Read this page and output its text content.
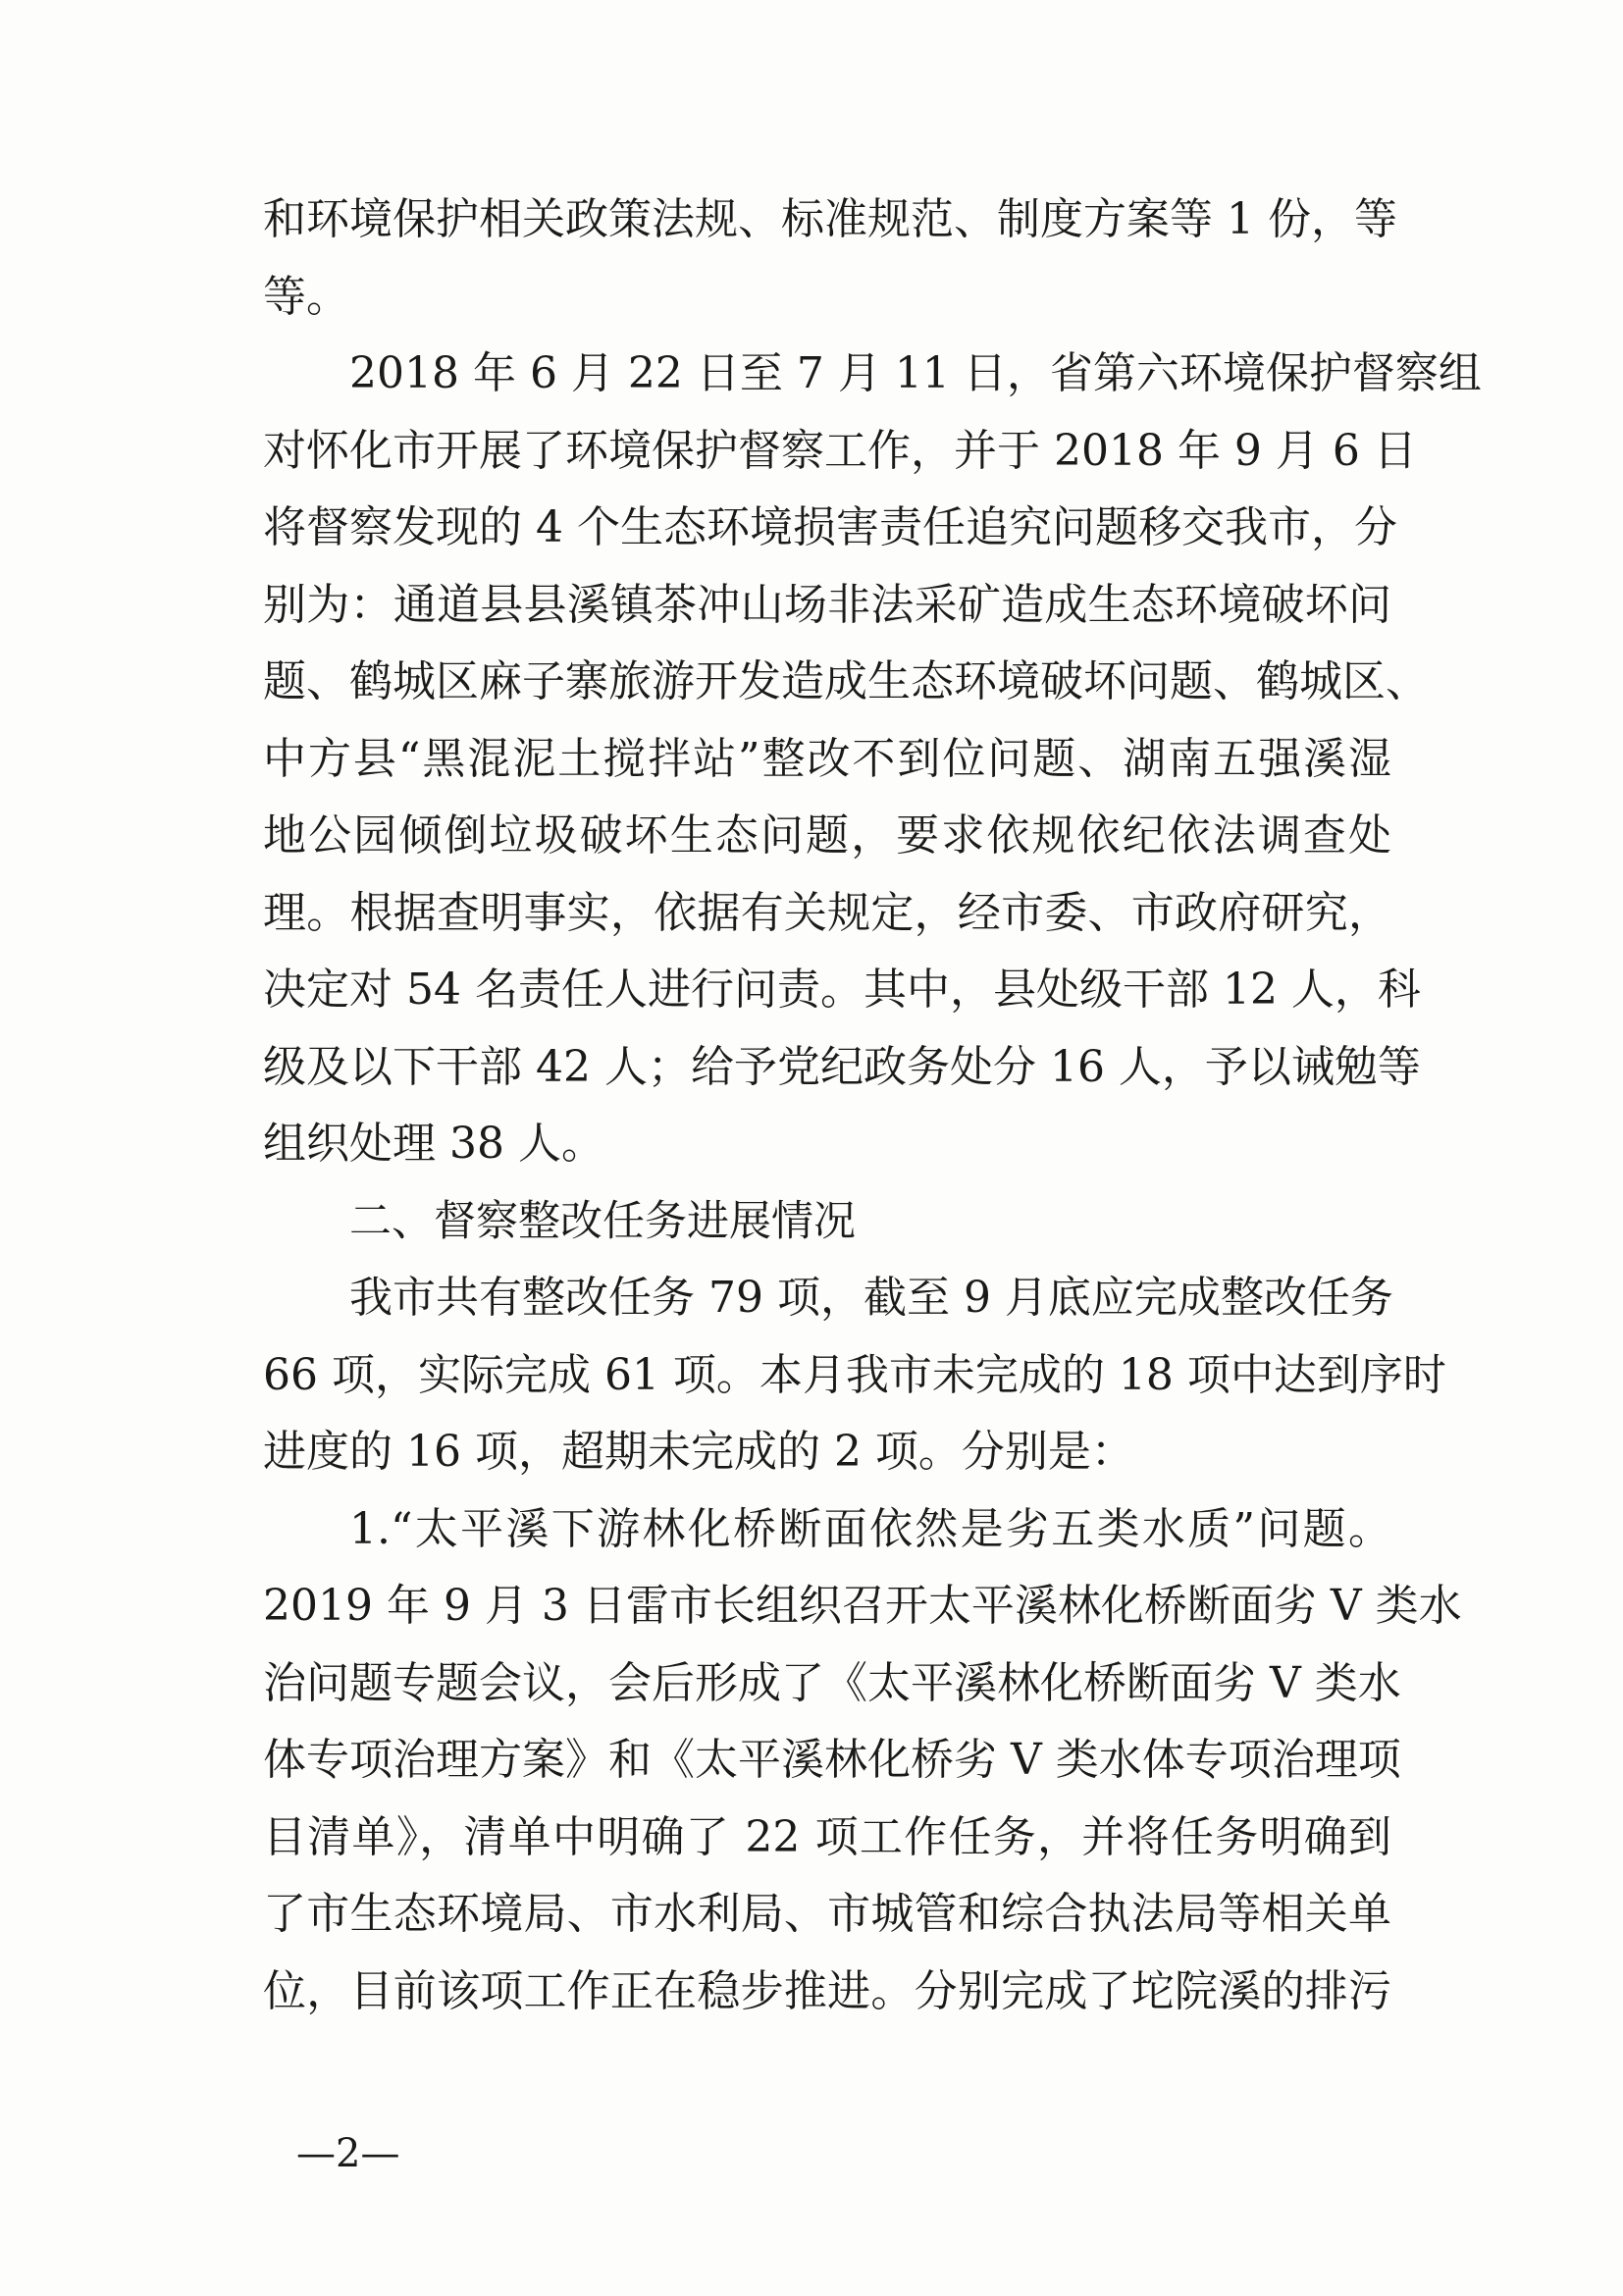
和环境保护相关政策法规、标准规范、制度方案等 1 份，等
等。
2018 年 6 月 22 日至 7 月 11 日，省第六环境保护督察组
对怀化市开展了环境保护督察工作，并于 2018 年 9 月 6 日
将督察发现的 4 个生态环境损害责任追究问题移交我市，分
别为：通道县县溪镇茶冲山场非法采矿造成生态环境破坏问
题、鹤城区麻子寨旅游开发造成生态环境破坏问题、鹤城区、
中方县“黑混泥土搅拌站”整改不到位问题、湖南五强溪湿
地公园倾倒垃圾破坏生态问题，要求依规依纪依法调查处
理。根据查明事实，依据有关规定，经市委、市政府研究，
决定对 54 名责任人进行问责。其中，县处级干部 12 人，科
级及以下干部 42 人；给予党纪政务处分 16 人，予以诫勉等
组织处理 38 人。
二、督察整改任务进展情况
我市共有整改任务 79 项，截至 9 月底应完成整改任务
66 项，实际完成 61 项。本月我市未完成的 18 项中达到序时
进度的 16 项，超期未完成的 2 项。分别是：
1.“太平溪下游林化桥断面依然是劣五类水质”问题。
2019 年 9 月 3 日雷市长组织召开太平溪林化桥断面劣 V 类水
治问题专题会议，会后形成了《太平溪林化桥断面劣 V 类水
体专项治理方案》和《太平溪林化桥劣 V 类水体专项治理项
目清单》，清单中明确了 22 项工作任务，并将任务明确到
了市生态环境局、市水利局、市城管和综合执法局等相关单
位，目前该项工作正在稳步推进。分别完成了坨院溪的排污
—2—
